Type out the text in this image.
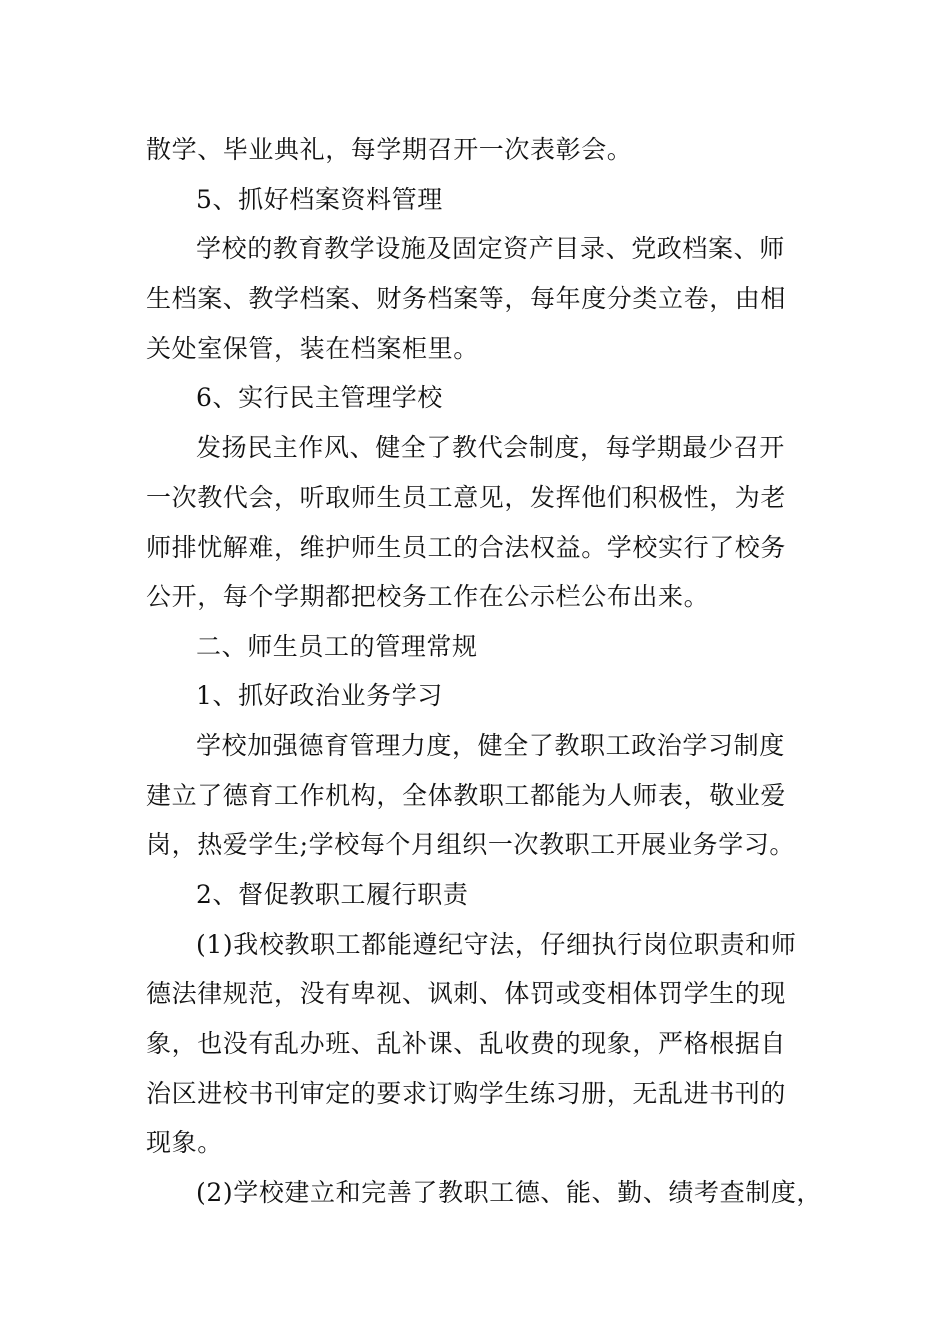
散学、毕业典礼，每学期召开一次表彰会。
5、抓好档案资料管理
学校的教育教学设施及固定资产目录、党政档案、师
生档案、教学档案、财务档案等，每年度分类立卷，由相
关处室保管，装在档案柜里。
6、实行民主管理学校
发扬民主作风、健全了教代会制度，每学期最少召开
一次教代会，听取师生员工意见，发挥他们积极性，为老
师排忧解难，维护师生员工的合法权益。学校实行了校务
公开，每个学期都把校务工作在公示栏公布出来。
二、师生员工的管理常规
1、抓好政治业务学习
学校加强德育管理力度，健全了教职工政治学习制度
建立了德育工作机构，全体教职工都能为人师表，敬业爱
岗，热爱学生;学校每个月组织一次教职工开展业务学习。
2、督促教职工履行职责
(1)我校教职工都能遵纪守法，仔细执行岗位职责和师
德法律规范，没有卑视、讽刺、体罚或变相体罚学生的现
象，也没有乱办班、乱补课、乱收费的现象，严格根据自
治区进校书刊审定的要求订购学生练习册，无乱进书刊的
现象。
(2)学校建立和完善了教职工德、能、勤、绩考查制度，
